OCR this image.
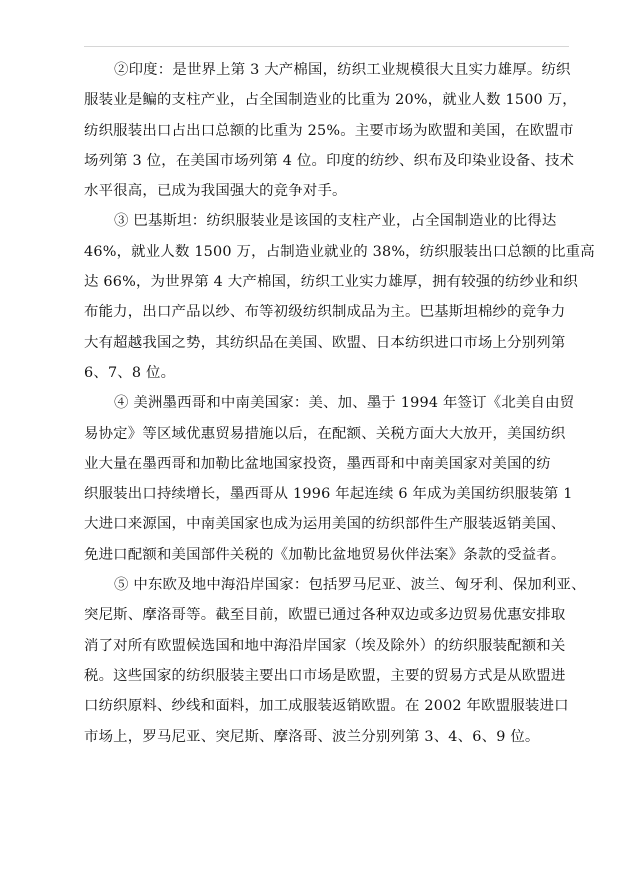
②印度：是世界上第 3 大产棉国，纺织工业规模很大且实力雄厚。纺织
服装业是鳊的支柱产业，占全国制造业的比重为 20%，就业人数 1500 万，
纺织服装出口占出口总额的比重为 25%。主要市场为欧盟和美国，在欧盟市
场列第 3 位，在美国市场列第 4 位。印度的纺纱、织布及印染业设备、技术
水平很高，已成为我国强大的竞争对手。
③ 巴基斯坦：纺织服装业是该国的支柱产业，占全国制造业的比得达
46%，就业人数 1500 万，占制造业就业的 38%，纺织服装出口总额的比重高
达 66%，为世界第 4 大产棉国，纺织工业实力雄厚，拥有较强的纺纱业和织
布能力，出口产品以纱、布等初级纺织制成品为主。巴基斯坦棉纱的竞争力
大有超越我国之势，其纺织品在美国、欧盟、日本纺织进口市场上分别列第
6、7、8 位。
④ 美洲墨西哥和中南美国家：美、加、墨于 1994 年签订《北美自由贸
易协定》等区域优惠贸易措施以后，在配额、关税方面大大放开，美国纺织
业大量在墨西哥和加勒比盆地国家投资，墨西哥和中南美国家对美国的纺
织服装出口持续增长，墨西哥从 1996 年起连续 6 年成为美国纺织服装第 1
大进口来源国，中南美国家也成为运用美国的纺织部件生产服装返销美国、
免进口配额和美国部件关税的《加勒比盆地贸易伙伴法案》条款的受益者。
⑤ 中东欧及地中海沿岸国家：包括罗马尼亚、波兰、匈牙利、保加利亚、
突尼斯、摩洛哥等。截至目前，欧盟已通过各种双边或多边贸易优惠安排取
消了对所有欧盟候选国和地中海沿岸国家（埃及除外）的纺织服装配额和关
税。这些国家的纺织服装主要出口市场是欧盟，主要的贸易方式是从欧盟进
口纺织原料、纱线和面料，加工成服装返销欧盟。在 2002 年欧盟服装进口
市场上，罗马尼亚、突尼斯、摩洛哥、波兰分别列第 3、4、6、9 位。
